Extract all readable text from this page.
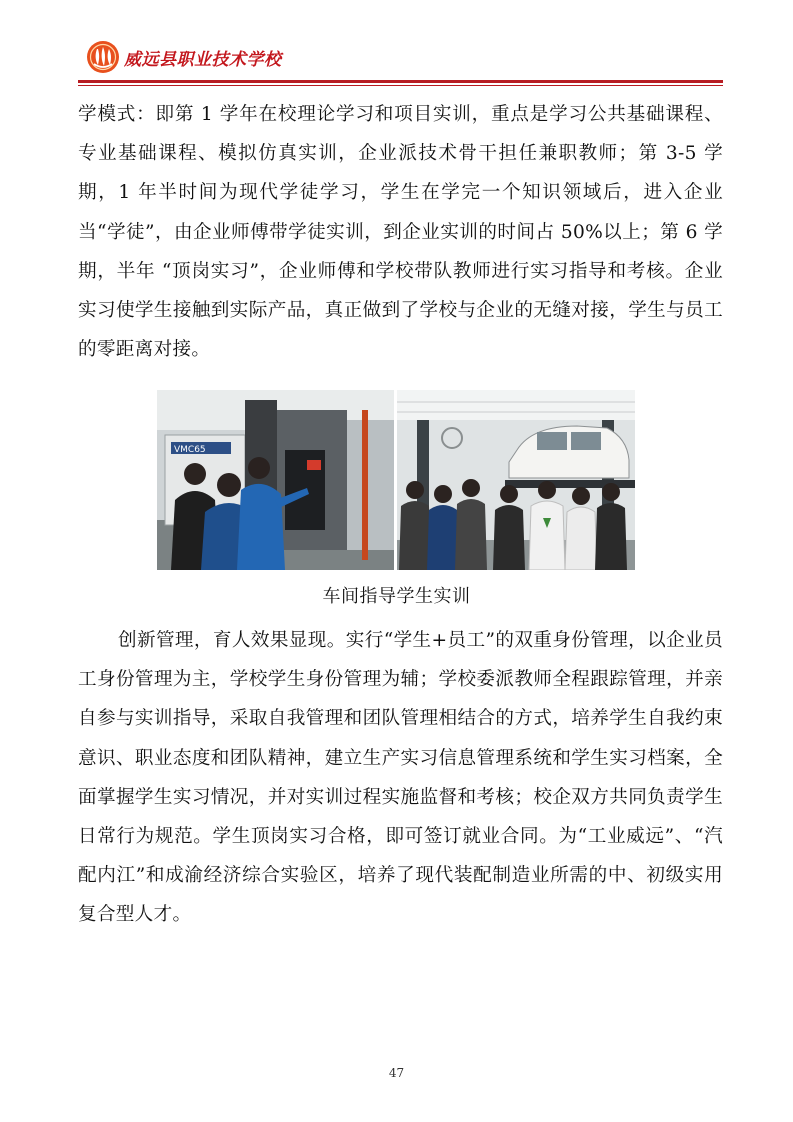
威远县职业技术学校

学模式：即第 1 学年在校理论学习和项目实训，重点是学习公共基础课程、专业基础课程、模拟仿真实训，企业派技术骨干担任兼职教师；第 3-5 学期，1 年半时间为现代学徒学习，学生在学完一个知识领域后，进入企业当“学徒”，由企业师傅带学徒实训，到企业实训的时间占 50%以上；第 6 学期，半年 “顶岗实习”，企业师傅和学校带队教师进行实习指导和考核。企业实习使学生接触到实际产品，真正做到了学校与企业的无缝对接，学生与员工的零距离对接。

VMC65
车间指导学生实训

创新管理，育人效果显现。实行“学生+员工”的双重身份管理，以企业员工身份管理为主，学校学生身份管理为辅；学校委派教师全程跟踪管理，并亲自参与实训指导，采取自我管理和团队管理相结合的方式，培养学生自我约束意识、职业态度和团队精神，建立生产实习信息管理系统和学生实习档案，全面掌握学生实习情况，并对实训过程实施监督和考核；校企双方共同负责学生日常行为规范。学生顶岗实习合格，即可签订就业合同。为“工业威远”、“汽配内江”和成渝经济综合实验区，培养了现代装配制造业所需的中、初级实用复合型人才。

47
